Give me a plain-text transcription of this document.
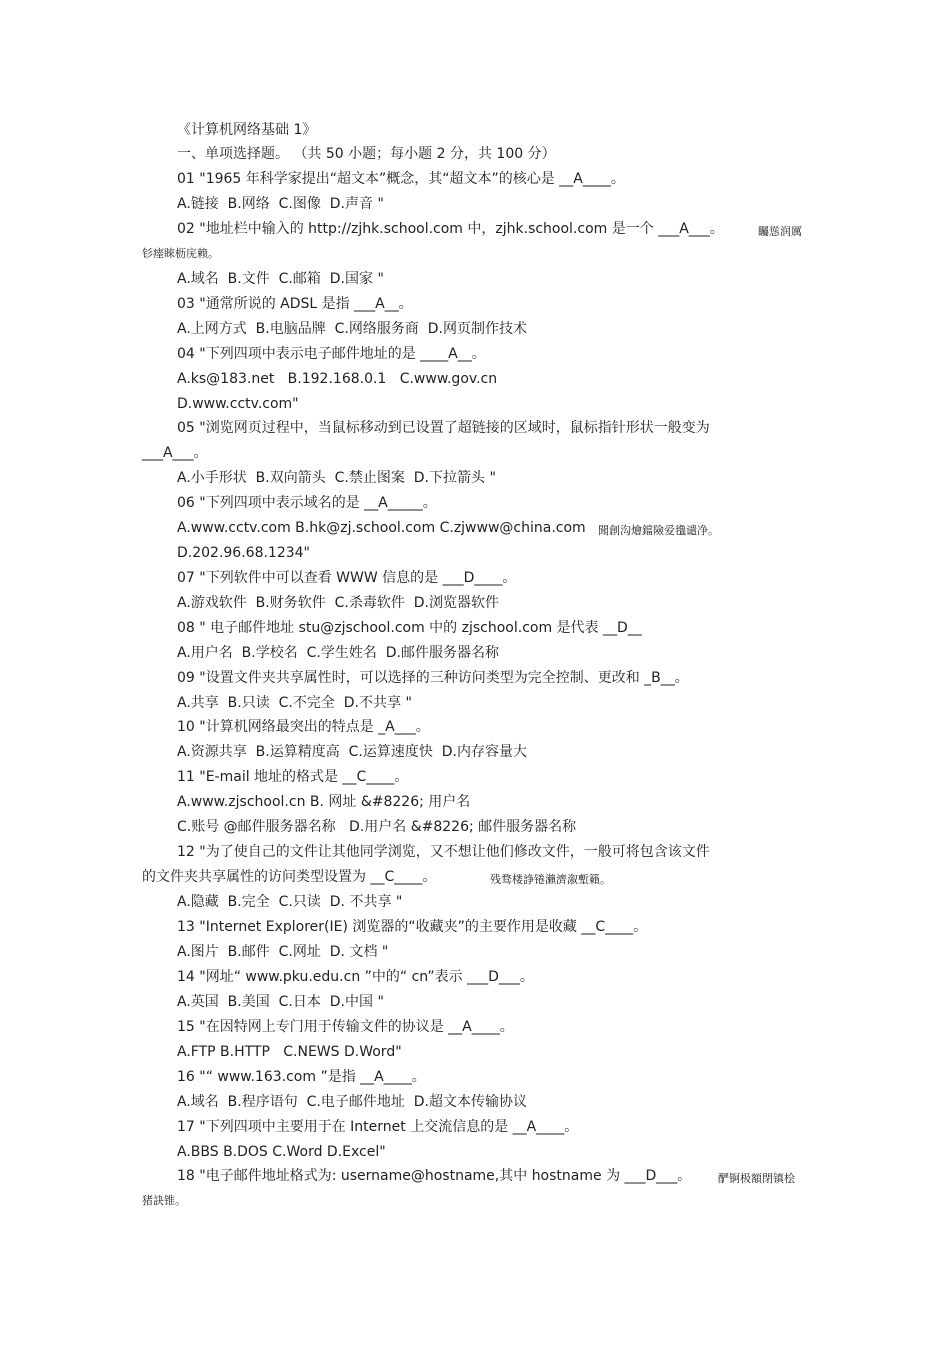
《计算机网络基础 1》
一、单项选择题。 （共 50 小题；每小题 2 分，共 100 分）
01 "1965 年科学家提出“超文本”概念，其“超文本”的核心是 __A____。
A.链接  B.网络  C.图像  D.声音 "
02 "地址栏中输入的 http://zjhk.school.com 中，zjhk.school.com 是一个 ___A___。	矚慫润厲
钐瘗睞枥庑赖。
A.域名  B.文件  C.邮箱  D.国家 "
03 "通常所说的 ADSL 是指 ___A__。
A.上网方式  B.电脑品牌  C.网络服务商  D.网页制作技术
04 "下列四项中表示电子邮件地址的是 ____A__。
A.ks@183.net   B.192.168.0.1   C.www.gov.cn
D.www.cctv.com"
05 "浏览网页过程中，当鼠标移动到已设置了超链接的区域时，鼠标指针形状一般变为
___A___。
A.小手形状  B.双向箭头  C.禁止图案  D.下拉箭头 "
06 "下列四项中表示域名的是 __A_____。
A.www.cctv.com B.hk@zj.school.com C.zjwww@china.com 聞創沟燴鐺險爱氇谴净。
D.202.96.68.1234"
07 "下列软件中可以查看 WWW 信息的是 ___D____。
A.游戏软件  B.财务软件  C.杀毒软件  D.浏览器软件
08 " 电子邮件地址 stu@zjschool.com 中的 zjschool.com 是代表 __D__
A.用户名  B.学校名  C.学生姓名  D.邮件服务器名称
09 "设置文件夹共享属性时，可以选择的三种访问类型为完全控制、更改和 _B__。
A.共享  B.只读  C.不完全  D.不共享 "
10 "计算机网络最突出的特点是 _A___。
A.资源共享  B.运算精度高  C.运算速度快  D.内存容量大
11 "E-mail 地址的格式是 __C____。
A.www.zjschool.cn B. 网址 &#8226; 用户名
C.账号 @邮件服务器名称   D.用户名 &#8226; 邮件服务器名称
12 "为了使自己的文件让其他同学浏览，又不想让他们修改文件，一般可将包含该文件
的文件夹共享属性的访问类型设置为 __C____。	残骛楼諍锩瀨濟溆塹籟。
A.隐藏  B.完全  C.只读  D. 不共享 "
13 "Internet Explorer(IE) 浏览器的“收藏夹”的主要作用是收藏 __C____。
A.图片  B.邮件  C.网址  D. 文档 "
14 "网址“ www.pku.edu.cn ”中的“ cn”表示 ___D___。
A.英国  B.美国  C.日本  D.中国 "
15 "在因特网上专门用于传输文件的协议是 __A____。
A.FTP B.HTTP   C.NEWS D.Word"
16 "“ www.163.com ”是指 __A____。
A.域名  B.程序语句  C.电子邮件地址  D.超文本传输协议
17 "下列四项中主要用于在 Internet 上交流信息的是 __A____。
A.BBS B.DOS C.Word D.Excel"
18 "电子邮件地址格式为: username@hostname,其中 hostname 为 ___D___。 酽锕极額閉镇桧
猪訣锥。
